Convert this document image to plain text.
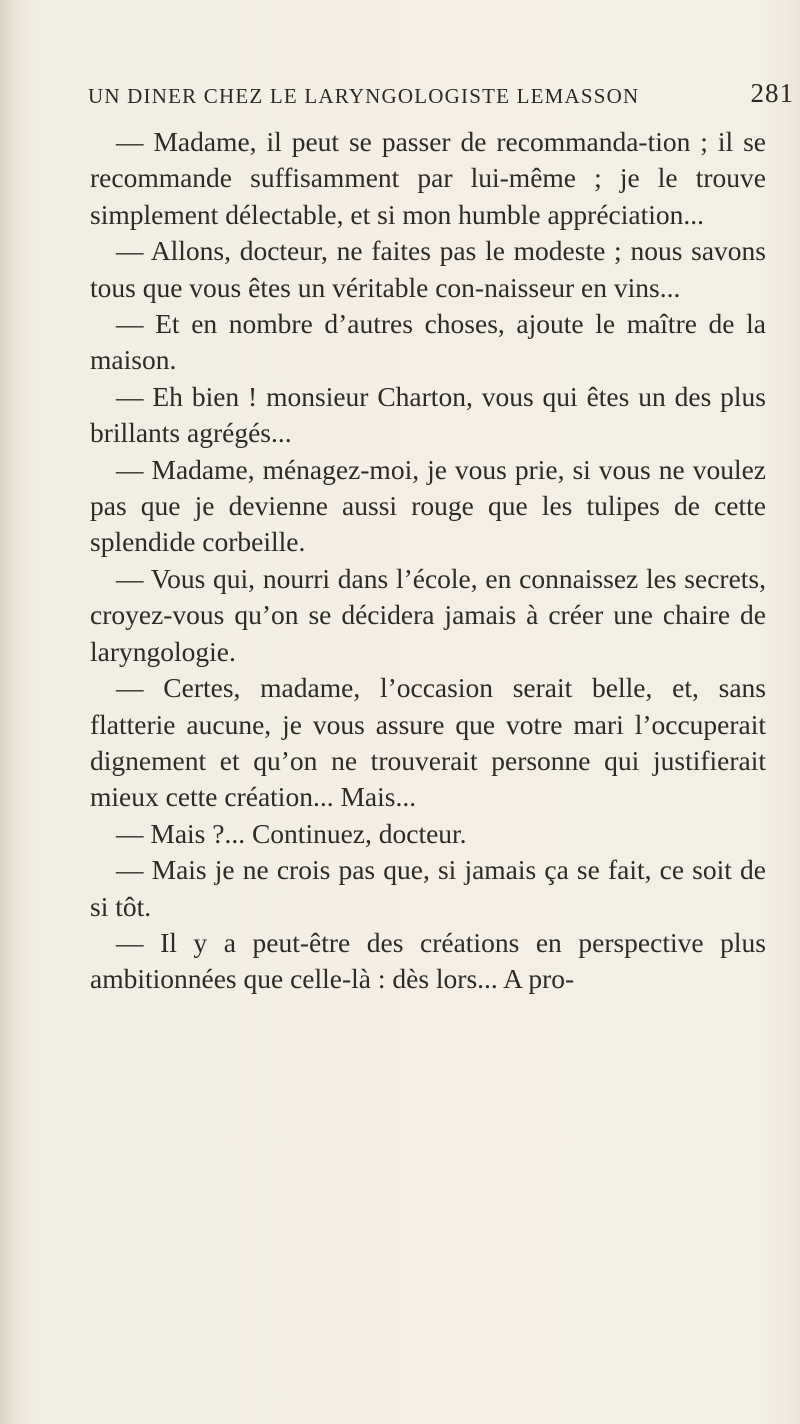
UN DINER CHEZ LE LARYNGOLOGISTE LEMASSON	281

— Madame, il peut se passer de recommanda-tion ; il se recommande suffisamment par lui-même ; je le trouve simplement délectable, et si mon humble appréciation...

— Allons, docteur, ne faites pas le modeste ; nous savons tous que vous êtes un véritable con-naisseur en vins...

— Et en nombre d’autres choses, ajoute le maître de la maison.

— Eh bien ! monsieur Charton, vous qui êtes un des plus brillants agrégés...

— Madame, ménagez-moi, je vous prie, si vous ne voulez pas que je devienne aussi rouge que les tulipes de cette splendide corbeille.

— Vous qui, nourri dans l’école, en connaissez les secrets, croyez-vous qu’on se décidera jamais à créer une chaire de laryngologie.

— Certes, madame, l’occasion serait belle, et, sans flatterie aucune, je vous assure que votre mari l’occuperait dignement et qu’on ne trouverait personne qui justifierait mieux cette création... Mais...

— Mais ?... Continuez, docteur.

— Mais je ne crois pas que, si jamais ça se fait, ce soit de si tôt.

— Il y a peut-être des créations en perspective plus ambitionnées que celle-là : dès lors... A pro-
